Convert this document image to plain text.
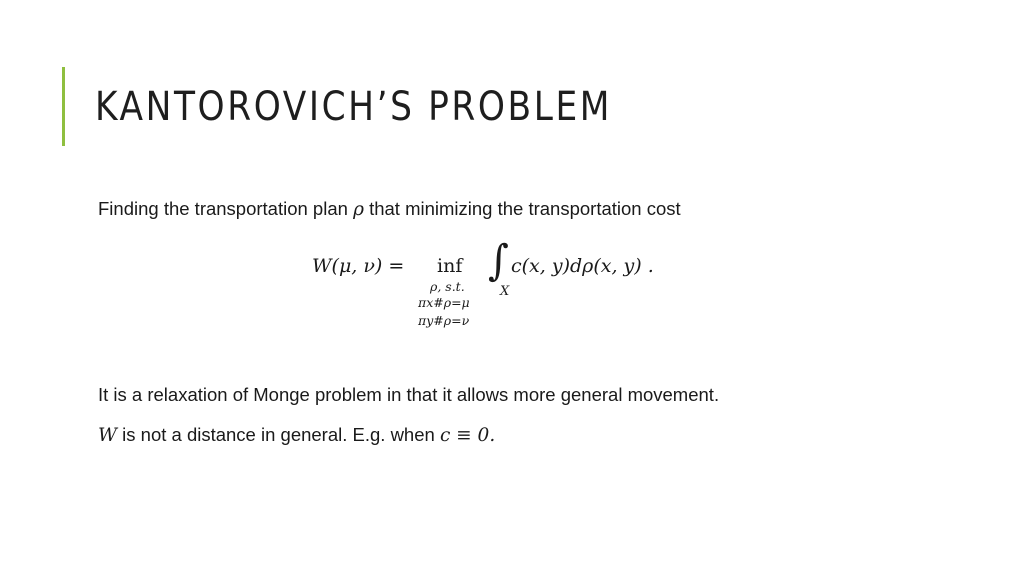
KANTOROVICH’S PROBLEM
Finding the transportation plan ρ that minimizing the transportation cost
W(μ, ν) = inf
ρ, s.t.
πx#ρ=μ
πy#ρ=ν
∫
X
c(x, y)dρ(x, y) .
It is a relaxation of Monge problem in that it allows more general movement.
W is not a distance in general. E.g. when c ≡ 0.
